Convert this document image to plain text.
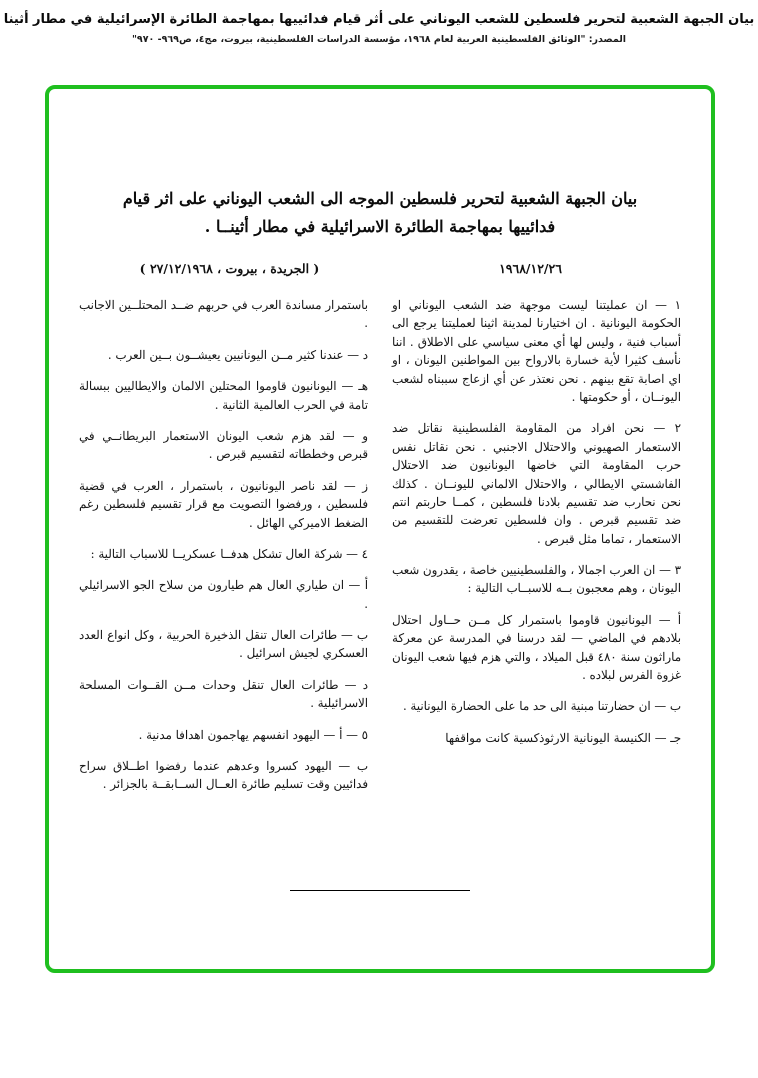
بيان الجبهة الشعبية لتحرير فلسطين للشعب اليوناني على أثر قيام فدائييها بمهاجمة الطائرة الإسرائيلية في مطار أثينا
المصدر: "الوثائق الفلسطينية العربية لعام ١٩٦٨، مؤسسة الدراسات الفلسطينية، بيروت، مج٤، ص٩٦٩- ٩٧٠"
بيان الجبهة الشعبية لتحرير فلسطين الموجه الى الشعب اليوناني على اثر قيام
فدائييها بمهاجمة الطائرة الاسرائيلية في مطار أثينــا .
١٩٦٨/١٢/٢٦
( الجريدة ، بيروت ، ٢٧/١٢/١٩٦٨ )

١ — ان عمليتنا ليست موجهة ضد الشعب اليوناني او الحكومة اليونانية . ان اختيارنا لمدينة اثينا لعمليتنا يرجع الى أسباب فنية ، وليس لها أي معنى سياسي على الاطلاق . اننا نأسف كثيرا لأية خسارة بالارواح بين المواطنين اليونان ، او اي اصابة تقع بينهم . نحن نعتذر عن أي ازعاج سببناه لشعب اليونــان ، أو حكومتها .

٢ — نحن افراد من المقاومة الفلسطينية نقاتل ضد الاستعمار الصهيوني والاحتلال الاجنبي . نحن نقاتل نفس حرب المقاومة التي خاضها اليونانيون ضد الاحتلال الفاشستي الايطالي ، والاحتلال الالماني لليونــان . كذلك نحن نحارب ضد تقسيم بلادنا فلسطين ، كمــا حاربتم انتم ضد تقسيم قبرص . وان فلسطين تعرضت للتقسيم من الاستعمار ، تماما مثل قبرص .

٣ — ان العرب اجمالا ، والفلسطينيين خاصة ، يقدرون شعب اليونان ، وهم معجبون بــه للاسبــاب التالية :

أ — اليونانيون قاوموا باستمرار كل مــن حــاول احتلال بلادهم في الماضي — لقد درسنا في المدرسة عن معركة ماراثون سنة ٤٨٠ قبل الميلاد ، والتي هزم فيها شعب اليونان غزوة الفرس لبلاده .

ب — ان حضارتنا مبنية الى حد ما على الحضارة اليونانية .

جـ — الكنيسة اليونانية الارثوذكسية كانت مواقفها

باستمرار مساندة العرب في حربهم ضــد المحتلــين الاجانب .

د — عندنا كثير مــن اليونانيين يعيشــون بــين العرب .

هـ — اليونانيون قاوموا المحتلين الالمان والايطاليين ببسالة تامة في الحرب العالمية الثانية .

و — لقد هزم شعب اليونان الاستعمار البريطانــي في قبرص وخططاته لتقسيم قبرص .

ز — لقد ناصر اليونانيون ، باستمرار ، العرب في قضية فلسطين ، ورفضوا التصويت مع قرار تقسيم فلسطين رغم الضغط الاميركي الهائل .

٤ — شركة العال تشكل هدفــا عسكريــا للاسباب التالية :

أ — ان طياري العال هم طيارون من سلاح الجو الاسرائيلي .

ب — طائرات العال تنقل الذخيرة الحربية ، وكل انواع العدد العسكري لجيش اسرائيل .

د — طائرات العال تنقل وحدات مــن القــوات المسلحة الاسرائيلية .

٥ — أ — اليهود انفسهم يهاجمون اهدافا مدنية .

ب — اليهود كسروا وعدهم عندما رفضوا اطــلاق سراح فدائيين وقت تسليم طائرة العــال الســابقــة بالجزائر .
